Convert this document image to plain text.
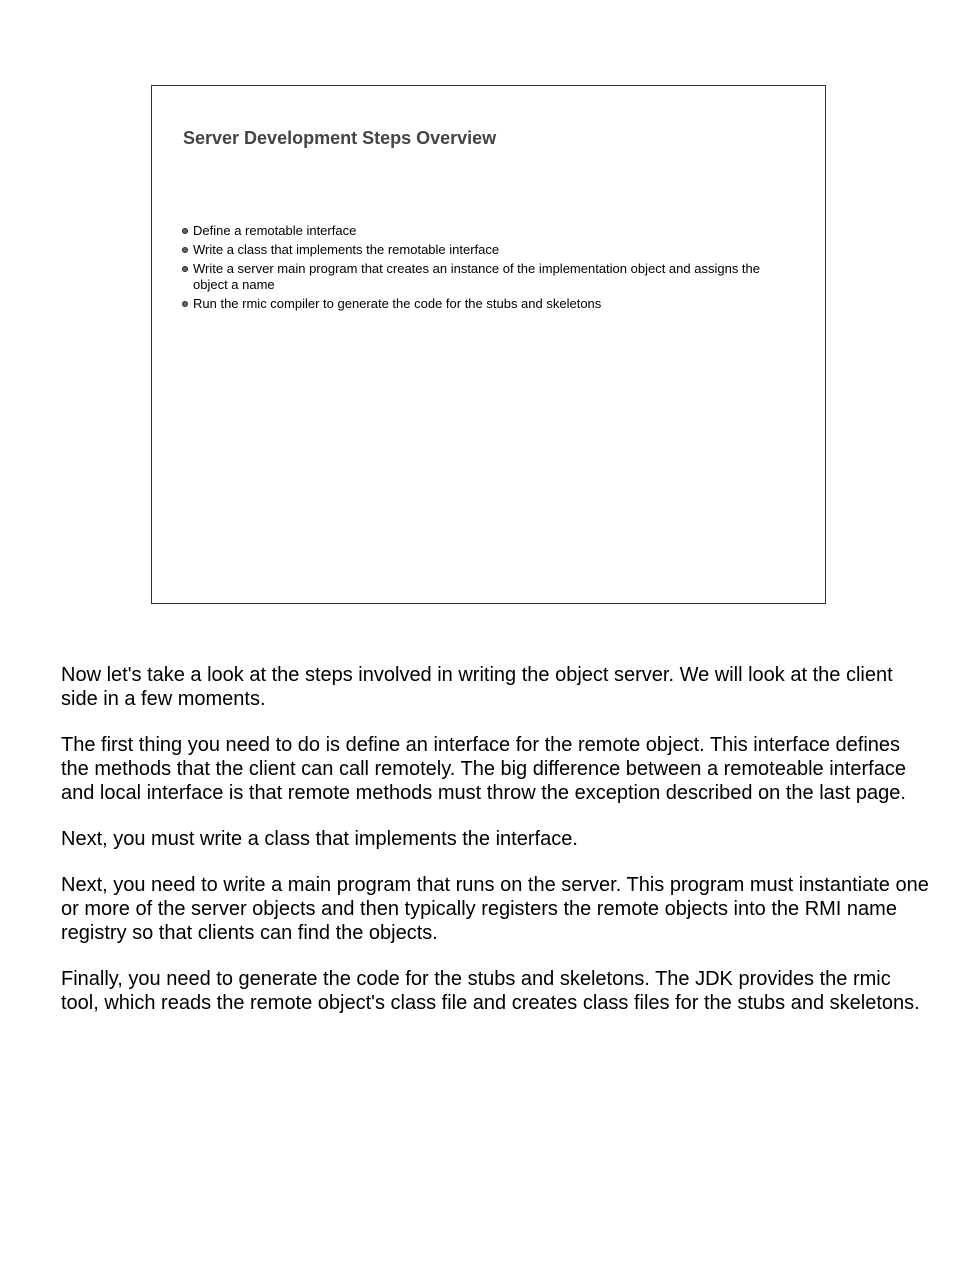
Server Development Steps Overview
Define a remotable interface
Write a class that implements the remotable interface
Write a server main program that creates an instance of the implementation object and assigns the object a name
Run the rmic compiler to generate the code for the stubs and skeletons

Now let's take a look at the steps involved in writing the object server. We will look at the client side in a few moments.

The first thing you need to do is define an interface for the remote object. This interface defines the methods that the client can call remotely. The big difference between a remoteable interface and local interface is that remote methods must throw the exception described on the last page.

Next, you must write a class that implements the interface.

Next, you need to write a main program that runs on the server. This program must instantiate one or more of the server objects and then typically registers the remote objects into the RMI name registry so that clients can find the objects.

Finally, you need to generate the code for the stubs and skeletons. The JDK provides the rmic tool, which reads the remote object's class file and creates class files for the stubs and skeletons.
